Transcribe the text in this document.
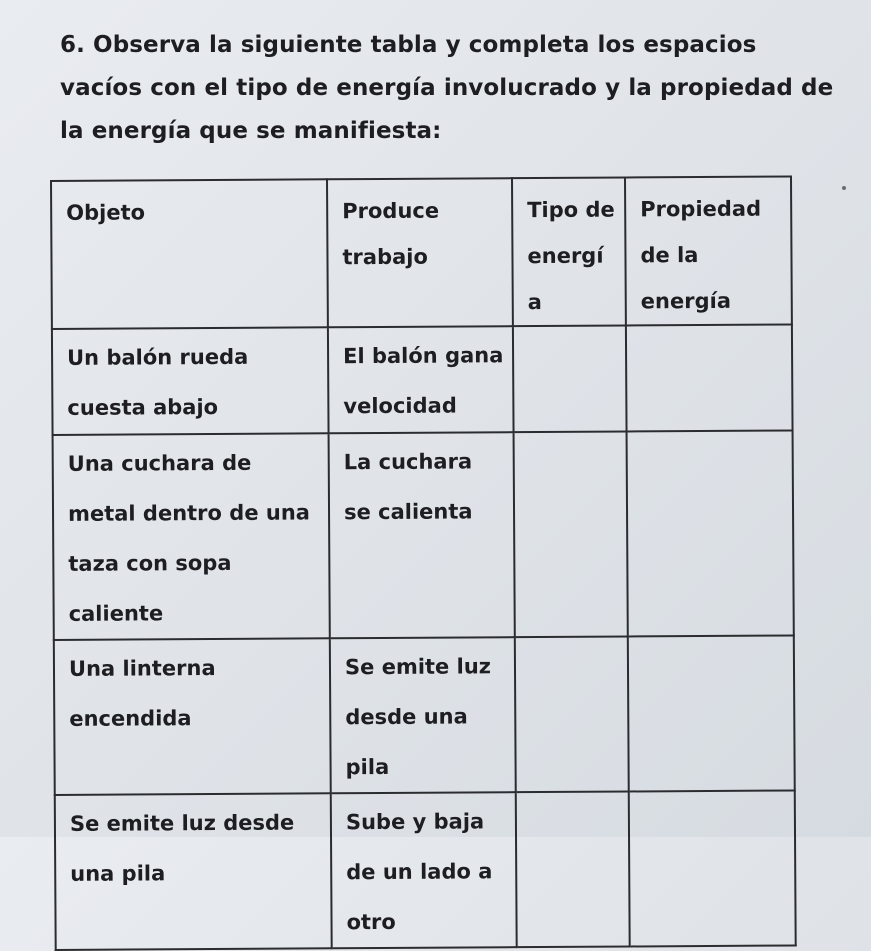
6. Observa la siguiente tabla y completa los espacios vacíos con el tipo de energía involucrado y la propiedad de la energía que se manifiesta:
Objeto	Produce trabajo	Tipo de energía	Propiedad de la energía
Un balón rueda cuesta abajo	El balón gana velocidad		
Una cuchara de metal dentro de una taza con sopa caliente	La cuchara se calienta		
Una linterna encendida	Se emite luz desde una pila		
Se emite luz desde una pila	Sube y baja de un lado a otro		
